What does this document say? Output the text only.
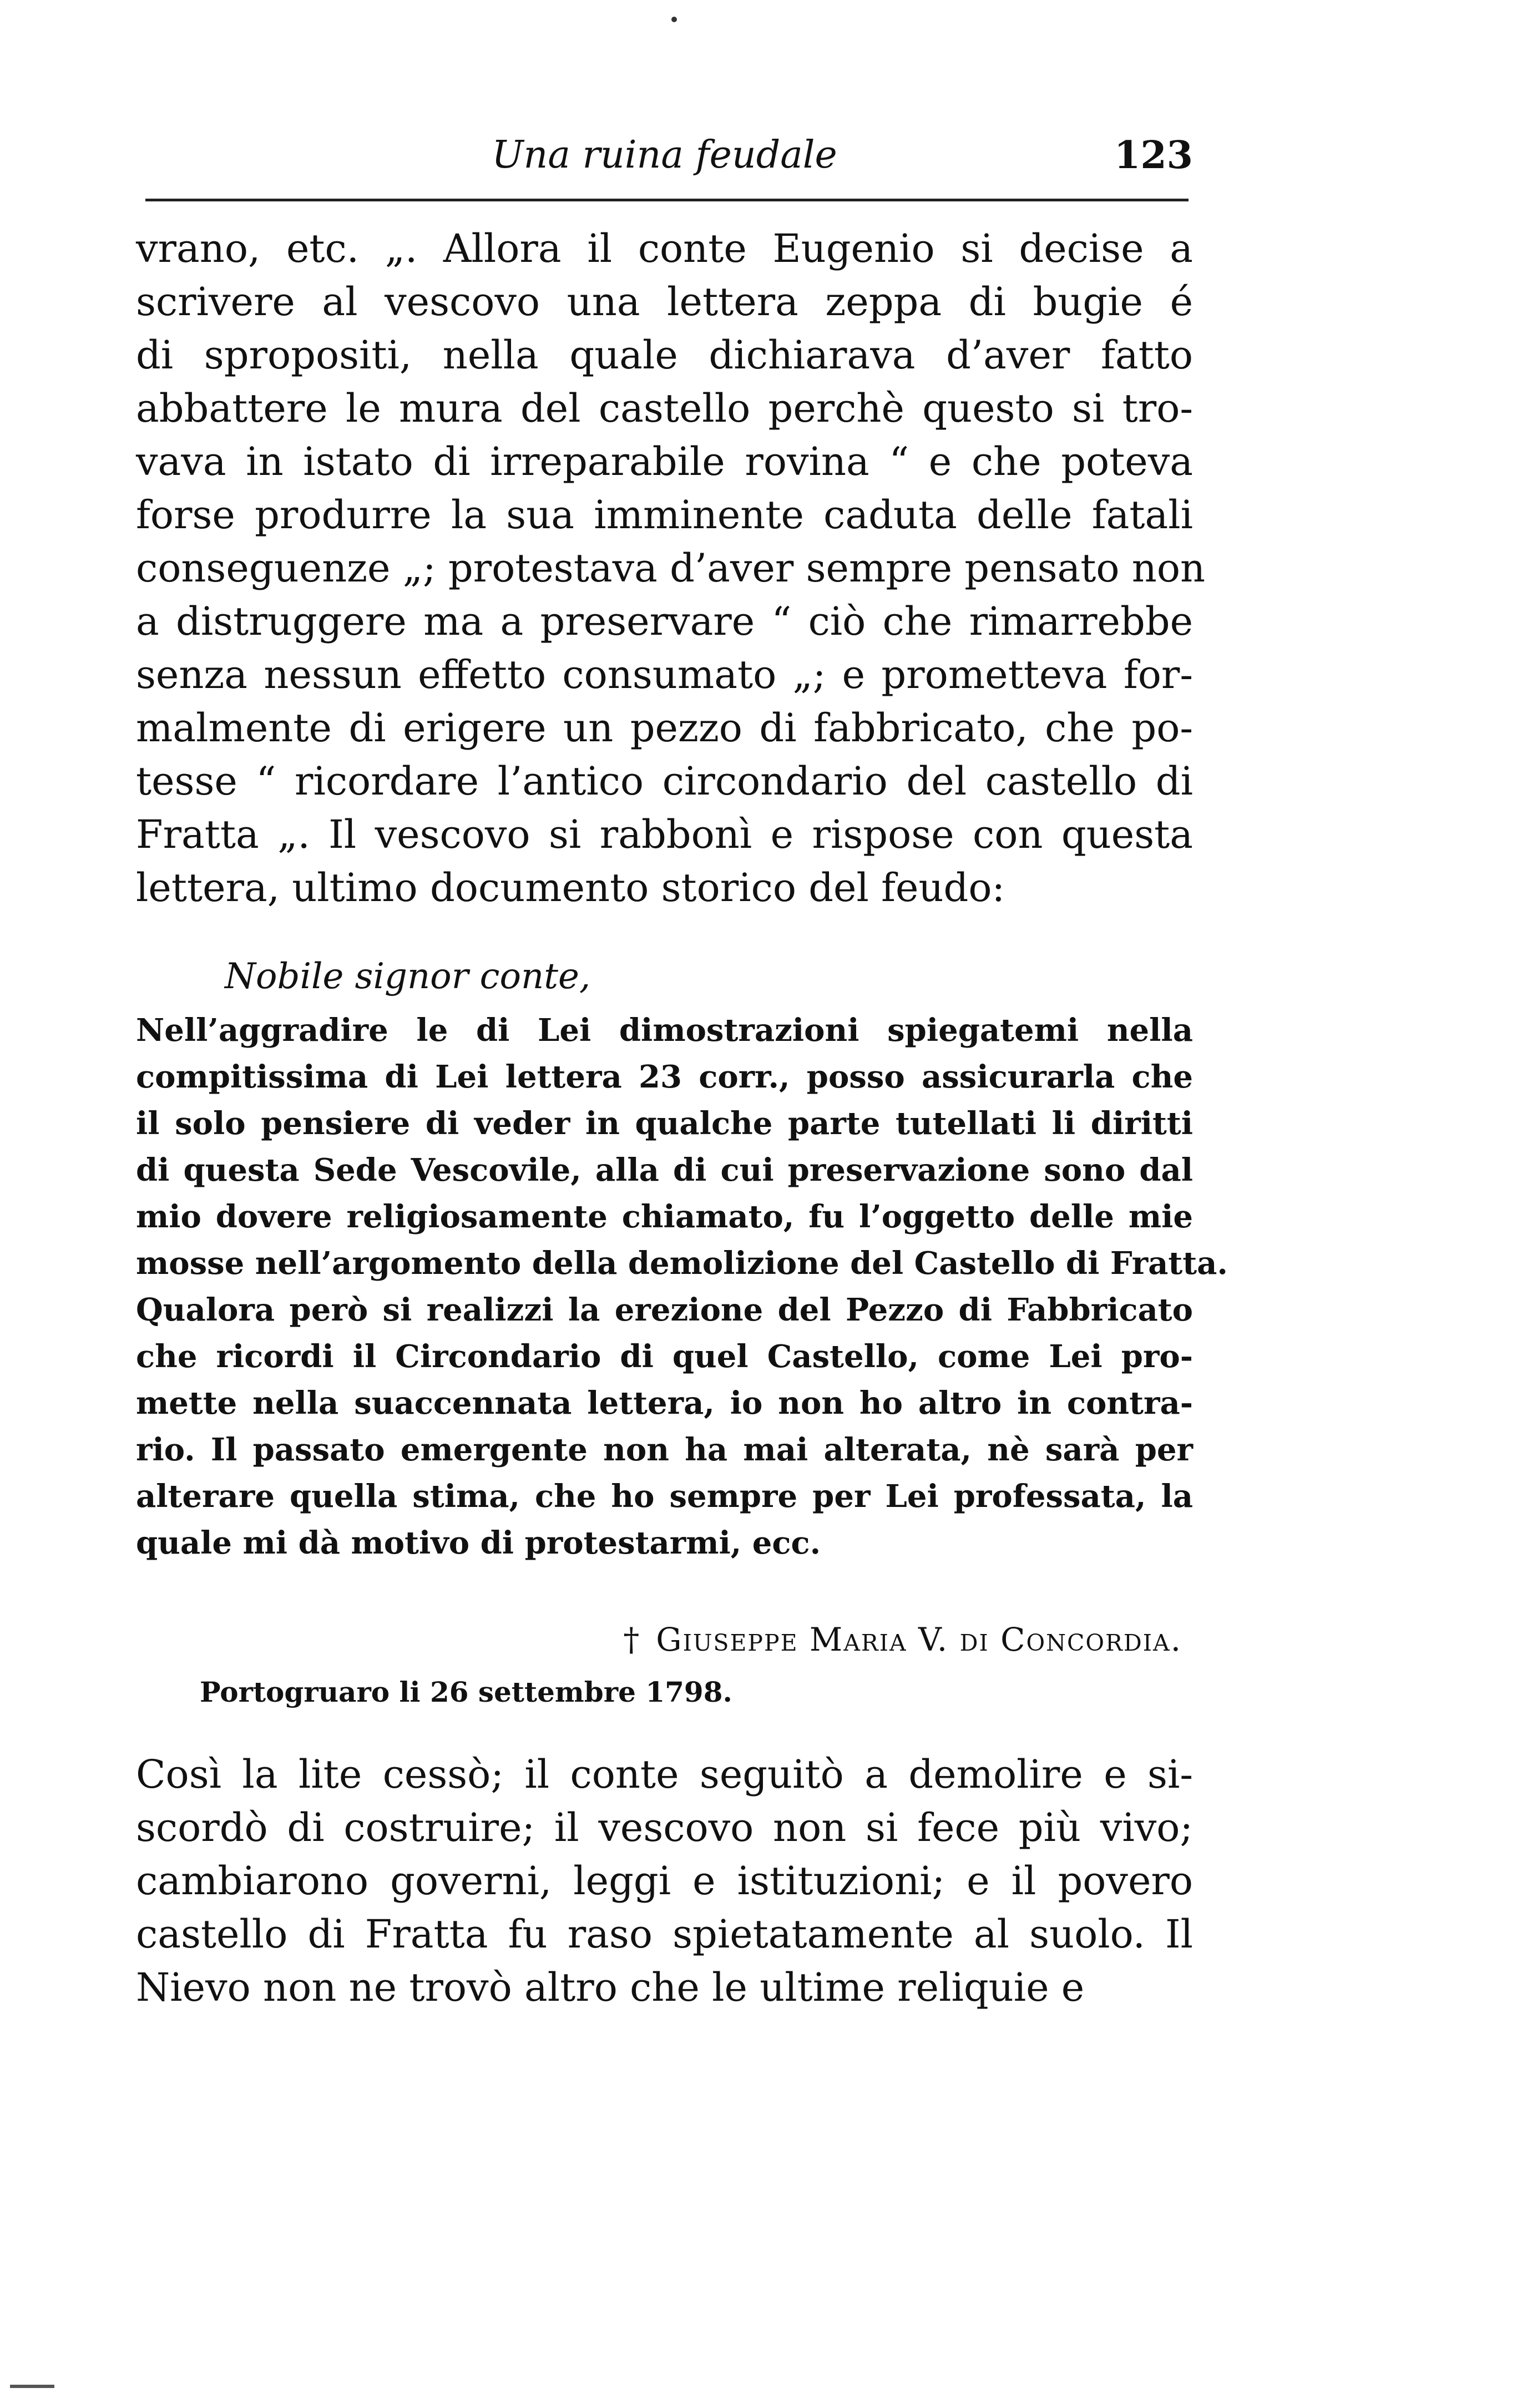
Una ruina feudale	123
vrano, etc. „. Allora il conte Eugenio si decise a
scrivere al vescovo una lettera zeppa di bugie é
di spropositi, nella quale dichiarava d’aver fatto
abbattere le mura del castello perchè questo si tro-
vava in istato di irreparabile rovina “ e che poteva
forse produrre la sua imminente caduta delle fatali
conseguenze „; protestava d’aver sempre pensato non
a distruggere ma a preservare “ ciò che rimarrebbe
senza nessun effetto consumato „; e prometteva for-
malmente di erigere un pezzo di fabbricato, che po-
tesse “ ricordare l’antico circondario del castello di
Fratta „. Il vescovo si rabbonì e rispose con questa
lettera, ultimo documento storico del feudo:
Nobile signor conte,
Nell’aggradire le di Lei dimostrazioni spiegatemi nella
compitissima di Lei lettera 23 corr., posso assicurarla che
il solo pensiere di veder in qualche parte tutellati li diritti
di questa Sede Vescovile, alla di cui preservazione sono dal
mio dovere religiosamente chiamato, fu l’oggetto delle mie
mosse nell’argomento della demolizione del Castello di Fratta.
Qualora però si realizzi la erezione del Pezzo di Fabbricato
che ricordi il Circondario di quel Castello, come Lei pro-
mette nella suaccennata lettera, io non ho altro in contra-
rio. Il passato emergente non ha mai alterata, nè sarà per
alterare quella stima, che ho sempre per Lei professata, la
quale mi dà motivo di protestarmi, ecc.
† Giuseppe Maria V. di Concordia.
Portogruaro li 26 settembre 1798.
Così la lite cessò; il conte seguitò a demolire e si-
scordò di costruire; il vescovo non si fece più vivo;
cambiarono governi, leggi e istituzioni; e il povero
castello di Fratta fu raso spietatamente al suolo. Il
Nievo non ne trovò altro che le ultime reliquie e
